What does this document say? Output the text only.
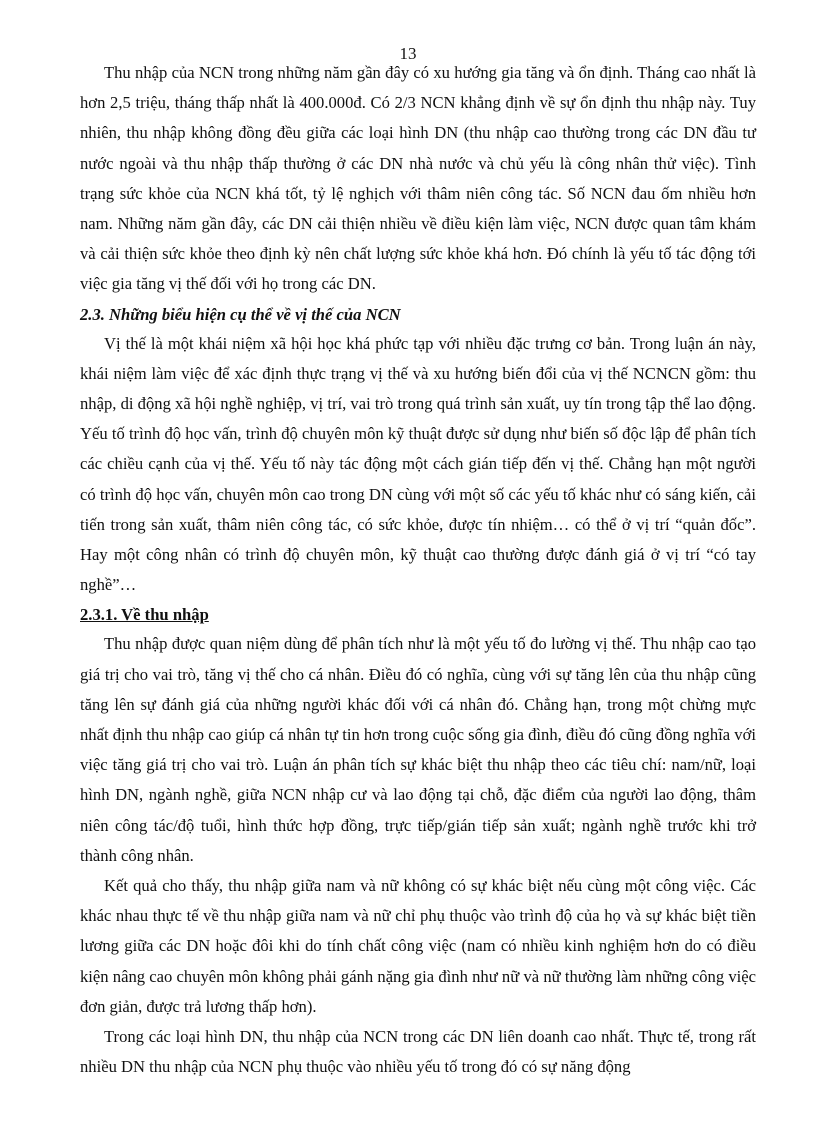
13

Thu nhập của NCN trong những năm gần đây có xu hướng gia tăng và ổn định. Tháng cao nhất là hơn 2,5 triệu, tháng thấp nhất là 400.000đ. Có 2/3 NCN khẳng định về sự ổn định thu nhập này. Tuy nhiên, thu nhập không đồng đều giữa các loại hình DN (thu nhập cao thường trong các DN đầu tư nước ngoài và thu nhập thấp thường ở các DN nhà nước và chủ yếu là công nhân thử việc). Tình trạng sức khỏe của NCN khá tốt, tỷ lệ nghịch với thâm niên công tác. Số NCN đau ốm nhiều hơn nam. Những năm gần đây, các DN cải thiện nhiều về điều kiện làm việc, NCN được quan tâm khám và cải thiện sức khỏe theo định kỳ nên chất lượng sức khỏe khá hơn. Đó chính là yếu tố tác động tới việc gia tăng vị thế đối với họ trong các DN.

2.3. Những biểu hiện cụ thể về vị thế của NCN

Vị thế là một khái niệm xã hội học khá phức tạp với nhiều đặc trưng cơ bản. Trong luận án này, khái niệm làm việc để xác định thực trạng vị thế và xu hướng biến đổi của vị thế NCNCN gồm: thu nhập, di động xã hội nghề nghiệp, vị trí, vai trò trong quá trình sản xuất, uy tín trong tập thể lao động. Yếu tố trình độ học vấn, trình độ chuyên môn kỹ thuật được sử dụng như biến số độc lập để phân tích các chiều cạnh của vị thế. Yếu tố này tác động một cách gián tiếp đến vị thế. Chẳng hạn một người có trình độ học vấn, chuyên môn cao trong DN cùng với một số các yếu tố khác như có sáng kiến, cải tiến trong sản xuất, thâm niên công tác, có sức khỏe, được tín nhiệm… có thể ở vị trí “quản đốc”. Hay một công nhân có trình độ chuyên môn, kỹ thuật cao thường được đánh giá ở vị trí “có tay nghề”…

2.3.1. Về thu nhập

Thu nhập được quan niệm dùng để phân tích như là một yếu tố đo lường vị thế. Thu nhập cao tạo giá trị cho vai trò, tăng vị thế cho cá nhân. Điều đó có nghĩa, cùng với sự tăng lên của thu nhập cũng tăng lên sự đánh giá của những người khác đối với cá nhân đó. Chẳng hạn, trong một chừng mực nhất định thu nhập cao giúp cá nhân tự tin hơn trong cuộc sống gia đình, điều đó cũng đồng nghĩa với việc tăng giá trị cho vai trò. Luận án phân tích sự khác biệt thu nhập theo các tiêu chí: nam/nữ, loại hình DN, ngành nghề, giữa NCN nhập cư và lao động tại chỗ, đặc điểm của người lao động, thâm niên công tác/độ tuổi, hình thức hợp đồng, trực tiếp/gián tiếp sản xuất; ngành nghề trước khi trở thành công nhân.

Kết quả cho thấy, thu nhập giữa nam và nữ không có sự khác biệt nếu cùng một công việc. Các khác nhau thực tế về thu nhập giữa nam và nữ chỉ phụ thuộc vào trình độ của họ và sự khác biệt tiền lương giữa các DN hoặc đôi khi do tính chất công việc (nam có nhiều kinh nghiệm hơn do có điều kiện nâng cao chuyên môn không phải gánh nặng gia đình như nữ và nữ thường làm những công việc đơn giản, được trả lương thấp hơn).

Trong các loại hình DN, thu nhập của NCN trong các DN liên doanh cao nhất. Thực tế, trong rất nhiều DN thu nhập của NCN phụ thuộc vào nhiều yếu tố trong đó có sự năng động
